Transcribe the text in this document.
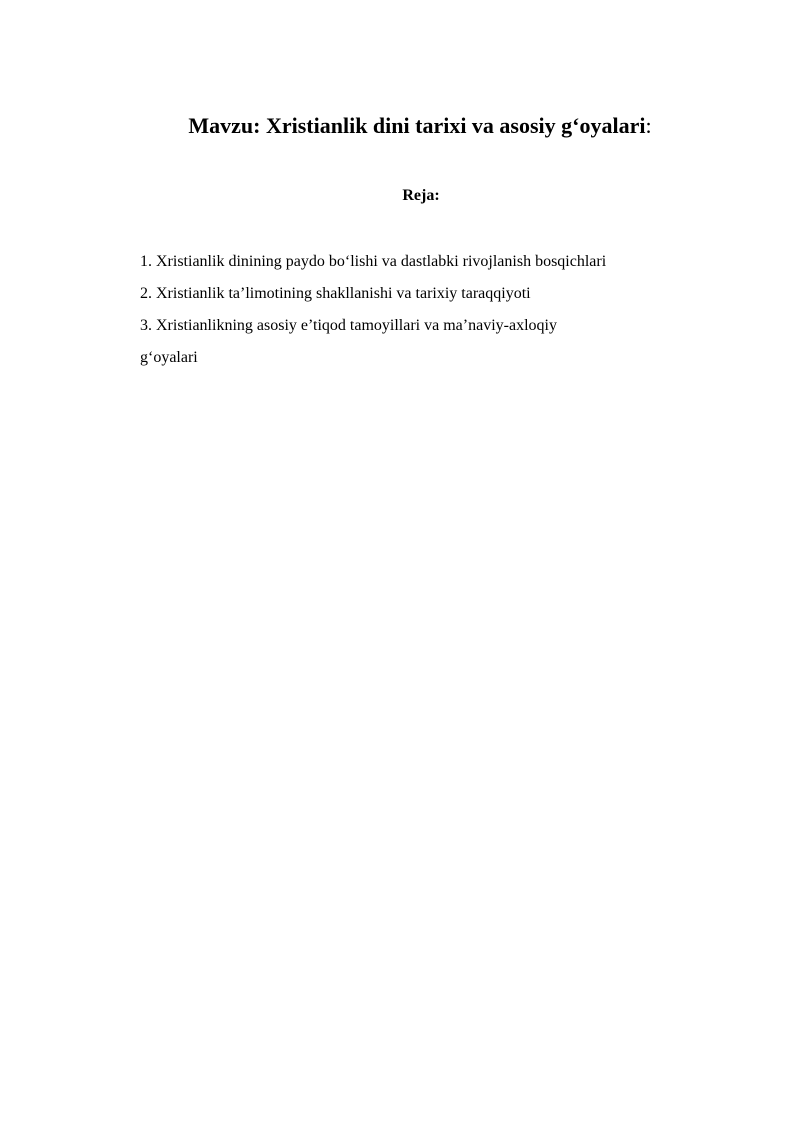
Mavzu: Xristianlik dini tarixi va asosiy g‘oyalari:
Reja:
1. Xristianlik dinining paydo bo‘lishi va dastlabki rivojlanish bosqichlari
2. Xristianlik ta’limotining shakllanishi va tarixiy taraqqiyoti
3. Xristianlikning asosiy e’tiqod tamoyillari va ma’naviy-axloqiy
g‘oyalari
